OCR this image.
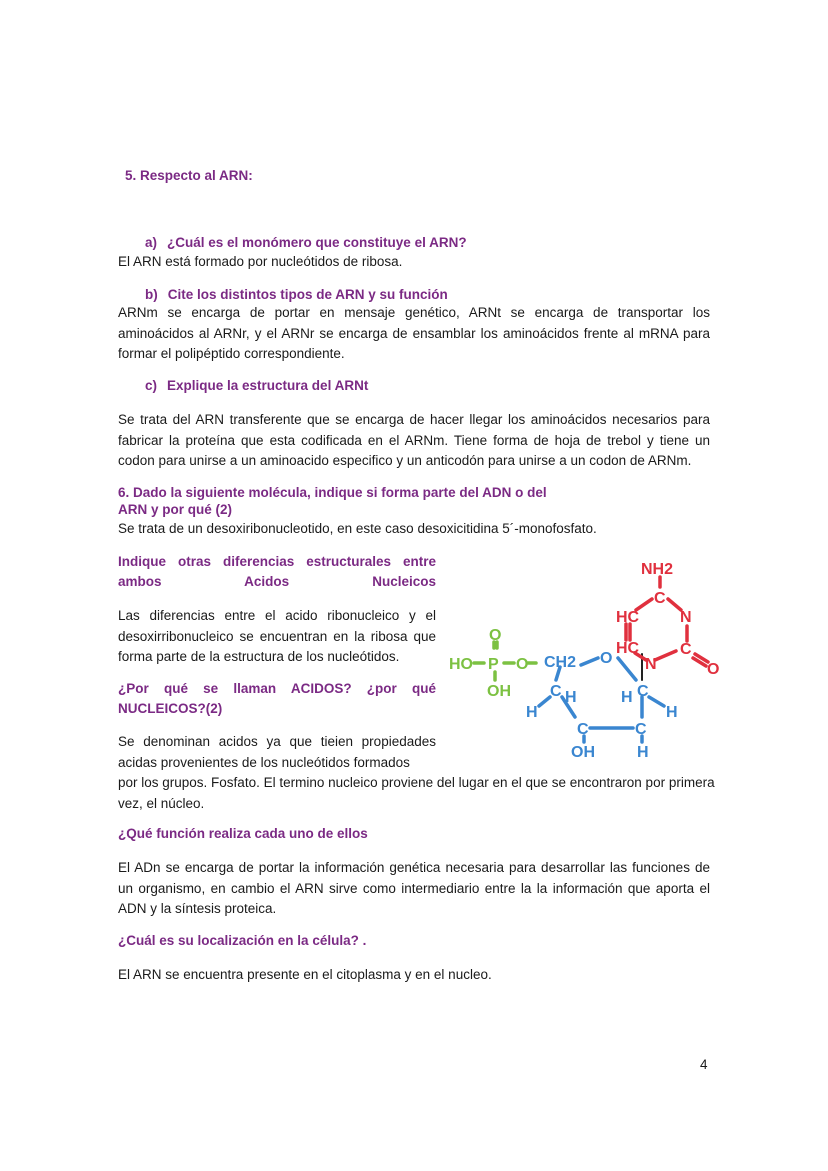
5. Respecto al ARN:
a) ¿Cuál es el monómero que constituye el ARN?
El ARN está formado por nucleótidos de ribosa.
b) Cite los distintos tipos de ARN y su función
ARNm se encarga de portar en mensaje genético, ARNt se encarga de transportar los aminoácidos al ARNr, y el ARNr se encarga de ensamblar los aminoácidos frente al mRNA para formar el polipéptido correspondiente.
c) Explique la estructura del ARNt
Se trata del ARN transferente que se encarga de hacer llegar los aminoácidos necesarios para fabricar la proteína que esta codificada en el ARNm. Tiene forma de hoja de trebol y tiene un codon para unirse a un aminoacido especifico y un anticodón para unirse a un codon de ARNm.
6. Dado la siguiente molécula, indique si forma parte del ADN o del
ARN y por qué (2)
Se trata de un desoxiribonucleotido, en este caso desoxicitidina 5´-monofosfato.
Indique otras diferencias estructurales entre ambos Acidos Nucleicos
Las diferencias entre el acido ribonucleico y el desoxirribonucleico se encuentran en la ribosa que forma parte de la estructura de los nucleótidos.
¿Por qué se llaman ACIDOS? ¿por qué NUCLEICOS?(2)
Se denominan acidos ya que tieien propiedades acidas provenientes de los nucleótidos formados
por los grupos. Fosfato. El termino nucleico proviene del lugar en el que se encontraron por primera vez, el núcleo.
¿Qué función realiza cada uno de ellos
El ADn se encarga de portar la información genética necesaria para desarrollar las funciones de un organismo, en cambio el ARN sirve como intermediario entre la la información que aporta el ADN y la síntesis proteica.
¿Cuál es su localización en la célula? .
El ARN se encuentra presente en el citoplasma y en el nucleo.
4
HO P
O
OH
O CH2 O
C H
H
C
H
H
C	C
OH	H
NH2
C
HC	N
HC	C
N	O
